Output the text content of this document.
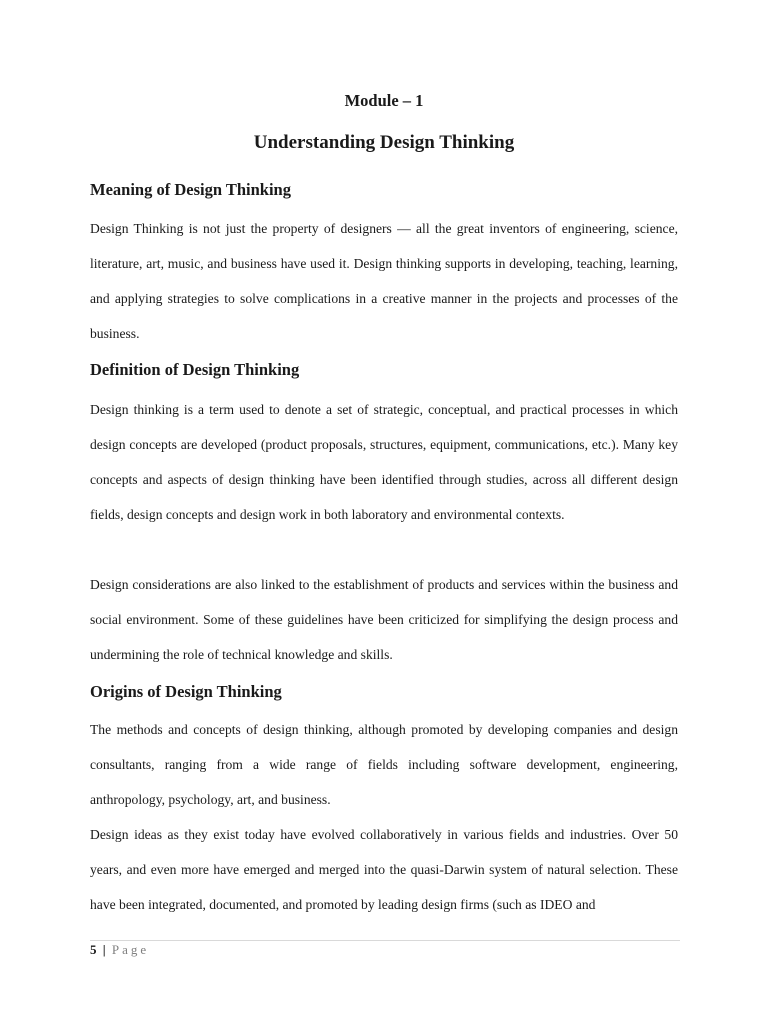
Module – 1
Understanding Design Thinking
Meaning of Design Thinking

Design Thinking is not just the property of designers — all the great inventors of engineering, science, literature, art, music, and business have used it. Design thinking supports in developing, teaching, learning, and applying strategies to solve complications in a creative manner in the projects and processes of the business.

Definition of Design Thinking

Design thinking is a term used to denote a set of strategic, conceptual, and practical processes in which design concepts are developed (product proposals, structures, equipment, communications, etc.). Many key concepts and aspects of design thinking have been identified through studies, across all different design fields, design concepts and design work in both laboratory and environmental contexts.

Design considerations are also linked to the establishment of products and services within the business and social environment. Some of these guidelines have been criticized for simplifying the design process and undermining the role of technical knowledge and skills.

Origins of Design Thinking

The methods and concepts of design thinking, although promoted by developing companies and design consultants, ranging from a wide range of fields including software development, engineering, anthropology, psychology, art, and business.

Design ideas as they exist today have evolved collaboratively in various fields and industries. Over 50 years, and even more have emerged and merged into the quasi-Darwin system of natural selection. These have been integrated, documented, and promoted by leading design firms (such as IDEO and

5 | Page
